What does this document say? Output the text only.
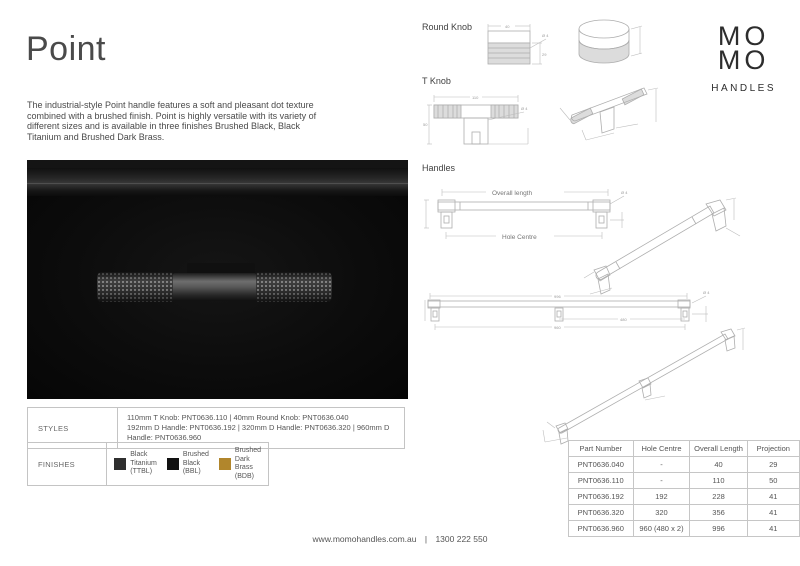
Point
The industrial-style Point handle features a soft and pleasant dot texture combined with a brushed finish. Point is highly versatile with its variety of different sizes and is available in three finishes Brushed Black, Black Titanium and Brushed Dark Brass.
STYLES	
110mm T Knob: PNT0636.110 | 40mm Round Knob: PNT0636.040
192mm D Handle: PNT0636.192 | 320mm D Handle: PNT0636.320 | 960mm D Handle: PNT0636.960
FINISHES	
Black Titanium
(TTBL)
Brushed Black
(BBL)
Brushed Dark Brass
(BDB)
MO
MO
HANDLES
Round Knob
T Knob
Handles
40
Ø 4
29
110
Ø 4
50
Overall length	Ø 4
Hole Centre
996
Ø 4
480
960
Part Number	Hole Centre	Overall Length	Projection
PNT0636.040	-	40	29
PNT0636.110	-	110	50
PNT0636.192	192	228	41
PNT0636.320	320	356	41
PNT0636.960	960 (480 x 2)	996	41
www.momohandles.com.au | 1300 222 550
